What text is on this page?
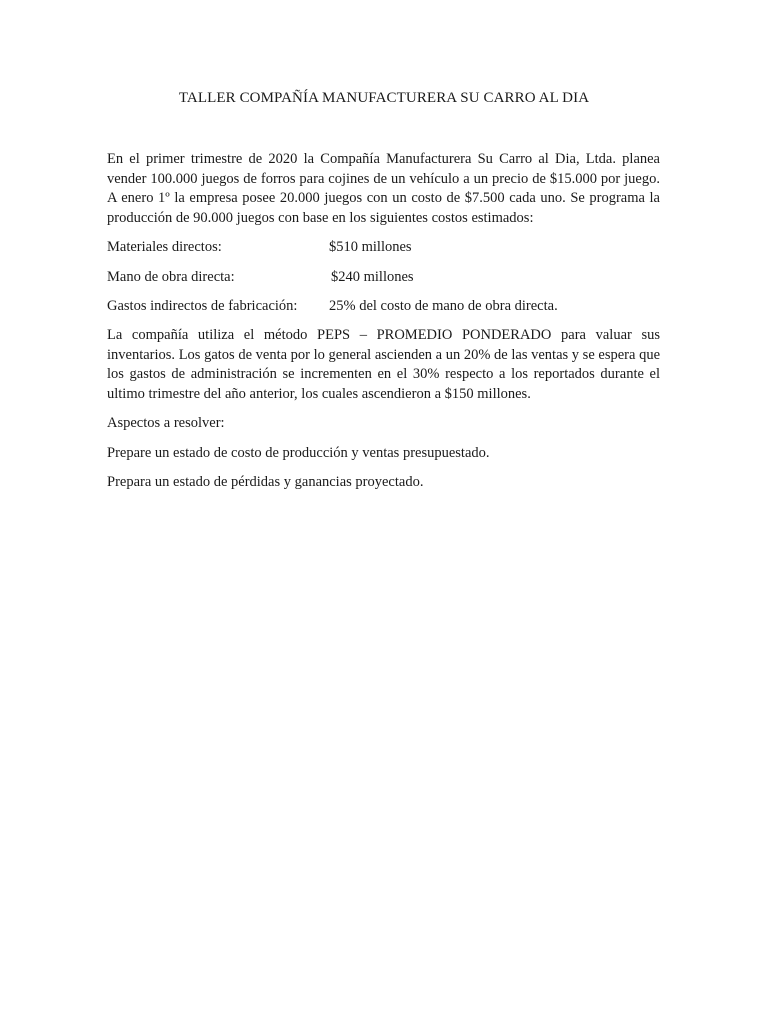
TALLER COMPAÑÍA MANUFACTURERA SU CARRO AL DIA
En el primer trimestre de 2020 la Compañía Manufacturera Su Carro al Dia, Ltda. planea vender 100.000 juegos de forros para cojines de un vehículo a un precio de $15.000 por juego. A enero 1º la empresa posee 20.000 juegos con un costo de $7.500 cada uno. Se programa la producción de 90.000 juegos con base en los siguientes costos estimados:
Materiales directos:	$510 millones
Mano de obra directa:	$240 millones
Gastos indirectos de fabricación: 25% del costo de mano de obra directa.
La compañía utiliza el método PEPS – PROMEDIO PONDERADO para valuar sus inventarios. Los gatos de venta por lo general ascienden a un 20% de las ventas y se espera que los gastos de administración se incrementen en el 30% respecto a los reportados durante el ultimo trimestre del año anterior, los cuales ascendieron a $150 millones.
Aspectos a resolver:
Prepare un estado de costo de producción y ventas presupuestado.
Prepara un estado de pérdidas y ganancias proyectado.
